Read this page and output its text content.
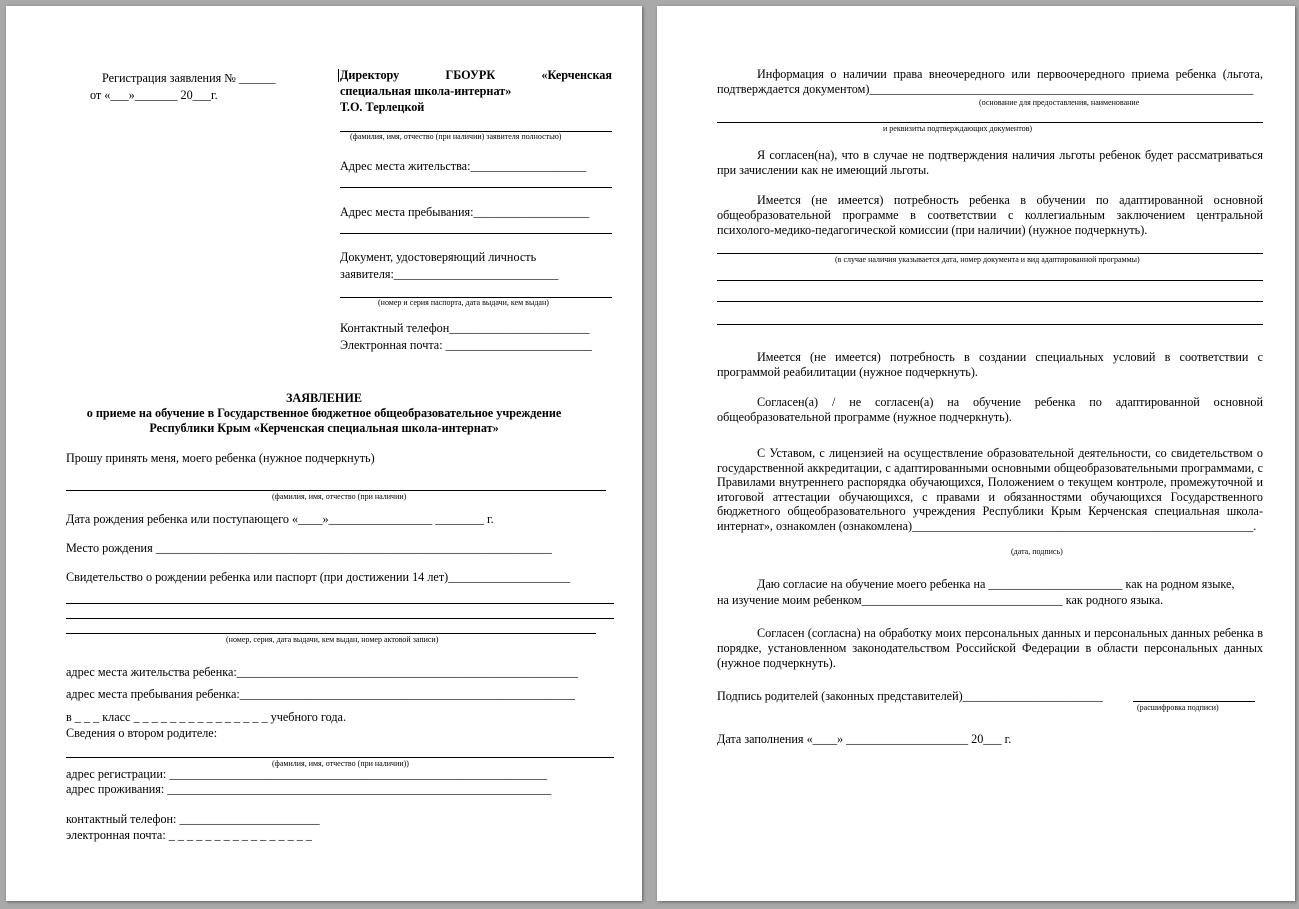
Регистрация заявления № ______
от «___»_______ 20___г.
Директору ГБОУРК «Керченская
специальная школа-интернат»
Т.О. Терлецкой
(фамилия, имя, отчество (при наличии) заявителя полностью)
Адрес места жительства:___________________
Адрес места пребывания:___________________
Документ, удостоверяющий личность
заявителя:___________________________
(номер и серия паспорта, дата выдачи, кем выдан)
Контактный телефон_______________________
Электронная почта: ________________________
ЗАЯВЛЕНИЕ
о приеме на обучение в Государственное бюджетное общеобразовательное учреждение
Республики Крым «Керченская специальная школа-интернат»
Прошу принять меня, моего ребенка (нужное подчеркнуть)
(фамилия, имя, отчество (при наличии)
Дата рождения ребенка или поступающего «____»_________________ ________ г.
Место рождения _________________________________________________________________
Свидетельство о рождении ребенка или паспорт (при достижении 14 лет)____________________
(номер, серия, дата выдачи, кем выдан, номер актовой записи)
адрес места жительства ребенка:________________________________________________________
адрес места пребывания ребенка:_______________________________________________________
в _ _ _ класс _ _ _ _ _ _ _ _ _ _ _ _ _ _ _ учебного года.
Сведения о втором родителе:
(фамилия, имя, отчество (при наличии))
адрес регистрации: ______________________________________________________________
адрес проживания: _______________________________________________________________
контактный телефон: _______________________
электронная почта: _ _ _ _ _ _ _ _ _ _ _ _ _ _ _ _
Информация о наличии права внеочередного или первоочередного приема ребенка (льгота, подтверждается документом)_______________________________________________________________
(основание для предоставления, наименование
и реквизиты подтверждающих документов)
Я согласен(на), что в случае не подтверждения наличия льготы ребенок будет рассматриваться при зачислении как не имеющий льготы.
Имеется (не имеется) потребность ребенка в обучении по адаптированной основной общеобразовательной программе в соответствии с коллегиальным заключением центральной психолого-медико-педагогической комиссии (при наличии) (нужное подчеркнуть).
(в случае наличия указывается дата, номер документа и вид адаптированной программы)
Имеется (не имеется) потребность в создании специальных условий в соответствии с программой реабилитации (нужное подчеркнуть).
Согласен(а) / не согласен(а) на обучение ребенка по адаптированной основной общеобразовательной программе (нужное подчеркнуть).
С Уставом, с лицензией на осуществление образовательной деятельности, со свидетельством о государственной аккредитации, с адаптированными основными общеобразовательными программами, с Правилами внутреннего распорядка обучающихся, Положением о текущем контроле, промежуточной и итоговой аттестации обучающихся, с правами и обязанностями обучающихся Государственного бюджетного общеобразовательного учреждения Республики Крым Керченская специальная школа-интернат», ознакомлен (ознакомлена)________________________________________________________.
(дата, подпись)
Даю согласие на обучение моего ребенка на ______________________ как на родном языке,
на изучение моим ребенком_________________________________ как родного языка.
Согласен (согласна) на обработку моих персональных данных и персональных данных ребенка в порядке, установленном законодательством Российской Федерации в области персональных данных (нужное подчеркнуть).
Подпись родителей (законных представителей)_______________________
(расшифровка подписи)
Дата заполнения «____» ____________________ 20___ г.
